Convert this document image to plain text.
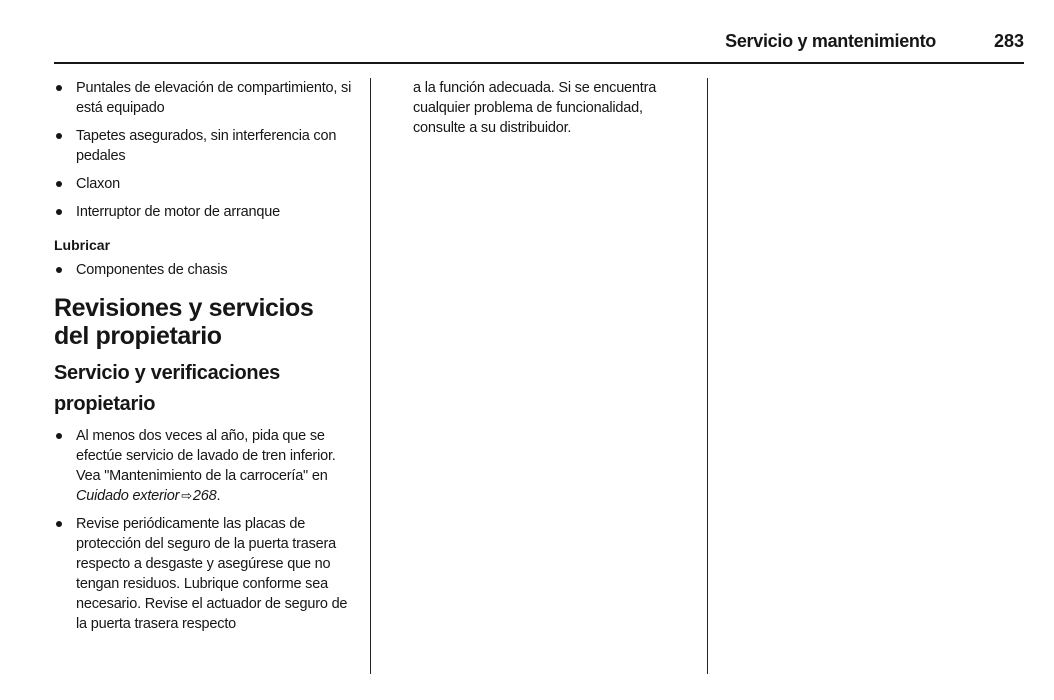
Servicio y mantenimiento	283
Puntales de elevación de compartimiento, si está equipado
Tapetes asegurados, sin interferencia con pedales
Claxon
Interruptor de motor de arranque
Lubricar
Componentes de chasis
Revisiones y servicios
del propietario
Servicio y verificaciones
propietario
Al menos dos veces al año, pida que se efectúe servicio de lavado de tren inferior. Vea "Mantenimiento de la carrocería" en Cuidado exterior ⇨268.
Revise periódicamente las placas de protección del seguro de la puerta trasera respecto a desgaste y asegúrese que no tengan residuos. Lubrique conforme sea necesario. Revise el actuador de seguro de la puerta trasera respecto
a la función adecuada. Si se encuentra cualquier problema de funcionalidad, consulte a su distribuidor.
